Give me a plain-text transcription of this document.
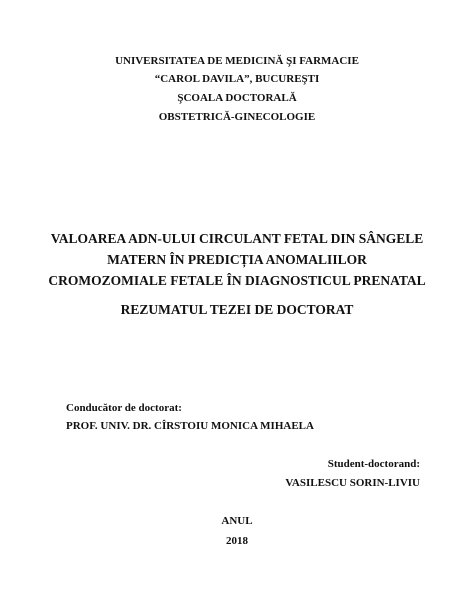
UNIVERSITATEA DE MEDICINĂ ŞI FARMACIE
“CAROL DAVILA”, BUCUREŞTI
ŞCOALA DOCTORALĂ
OBSTETRICĂ-GINECOLOGIE
VALOAREA ADN-ULUI CIRCULANT FETAL DIN SÂNGELE
MATERN ÎN PREDICȚIA ANOMALIILOR
CROMOZOMIALE FETALE ÎN DIAGNOSTICUL PRENATAL
REZUMATUL TEZEI DE DOCTORAT
Conducător de doctorat:
PROF. UNIV. DR. CÎRSTOIU MONICA MIHAELA
Student-doctorand:
VASILESCU SORIN-LIVIU
ANUL
2018
